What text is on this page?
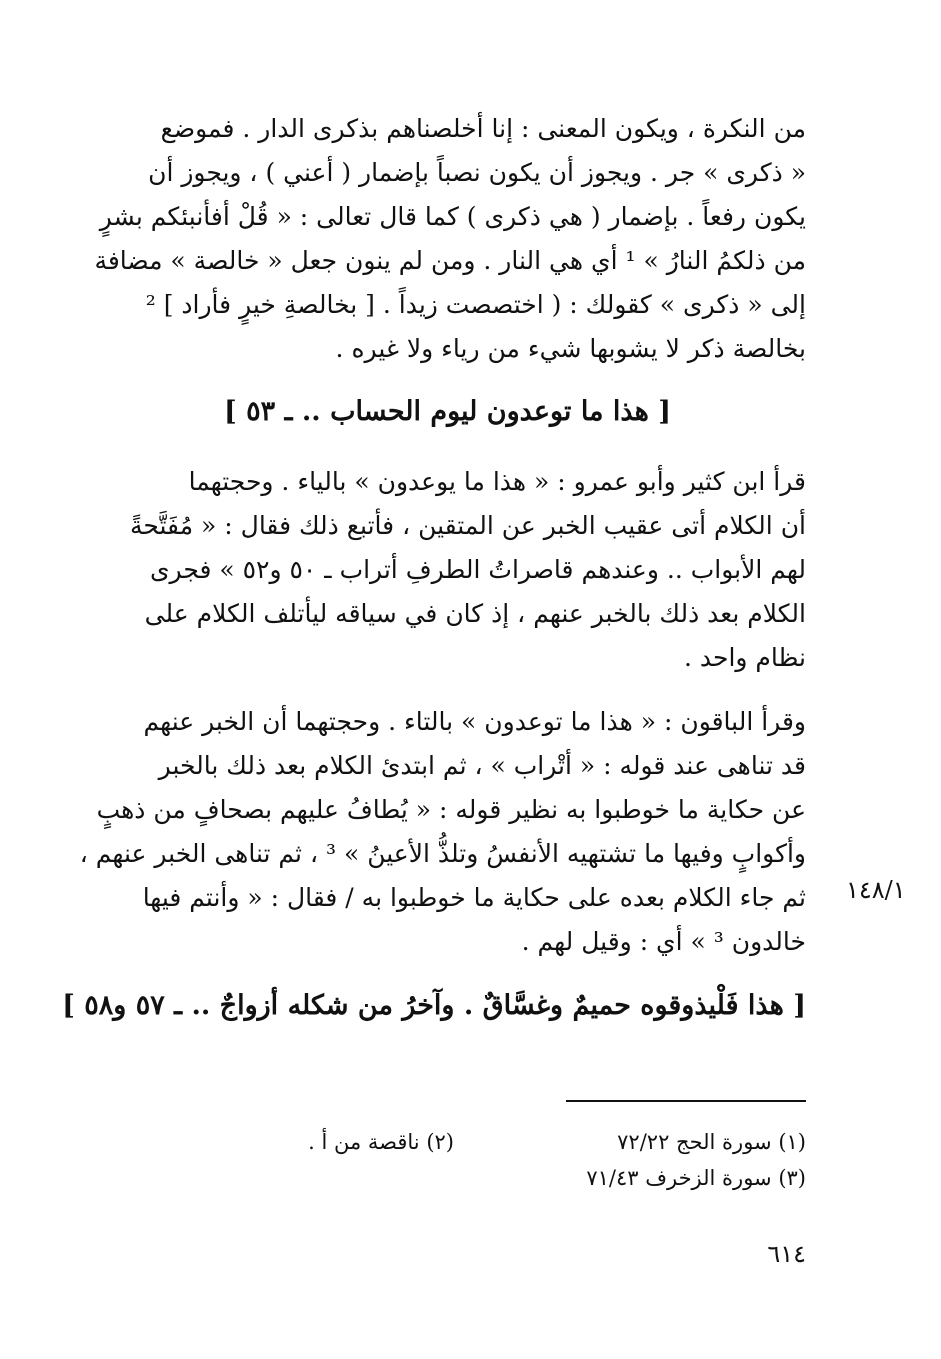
من النكرة ، ويكون المعنى : إنا أخلصناهم بذكرى الدار . فموضع
« ذكرى » جر . ويجوز أن يكون نصباً بإضمار ( أعني ) ، ويجوز أن
يكون رفعاً . بإضمار ( هي ذكرى ) كما قال تعالى : « قُلْ أفأنبئكم بشرٍ
من ذلكمُ النارُ » ¹ أي هي النار . ومن لم ينون جعل « خالصة » مضافة
إلى « ذكرى » كقولك : ( اختصصت زيداً . [ بخالصةِ خيرٍ فأراد ] ²
بخالصة ذكر لا يشوبها شيء من رياء ولا غيره .
[ هذا ما توعدون ليوم الحساب .. ـ ٥٣ ]
قرأ ابن كثير وأبو عمرو : « هذا ما يوعدون » بالياء . وحجتهما
أن الكلام أتى عقيب الخبر عن المتقين ، فأتبع ذلك فقال : « مُفَتَّحةً
لهم الأبواب .. وعندهم قاصراتُ الطرفِ أتراب ـ ٥٠ و٥٢ » فجرى
الكلام بعد ذلك بالخبر عنهم ، إذ كان في سياقه ليأتلف الكلام على
نظام واحد .
وقرأ الباقون : « هذا ما توعدون » بالتاء . وحجتهما أن الخبر عنهم
قد تناهى عند قوله : « أتْراب » ، ثم ابتدئ الكلام بعد ذلك بالخبر
عن حكاية ما خوطبوا به نظير قوله : « يُطافُ عليهم بصحافٍ من ذهبٍ
وأكوابٍ وفيها ما تشتهيه الأنفسُ وتلذُّ الأعينُ » ³ ، ثم تناهى الخبر عنهم ،
ثم جاء الكلام بعده على حكاية ما خوطبوا به / فقال : « وأنتم فيها
خالدون ³ » أي : وقيل لهم .
١٤٨/١
[ هذا فَلْيذوقوه حميمٌ وغسَّاقٌ . وآخرُ من شكله أزواجٌ .. ـ ٥٧ و٥٨ ]
(١) سورة الحج ٧٢/٢٢
(٢) ناقصة من أ .
(٣) سورة الزخرف ٧١/٤٣
٦١٤
